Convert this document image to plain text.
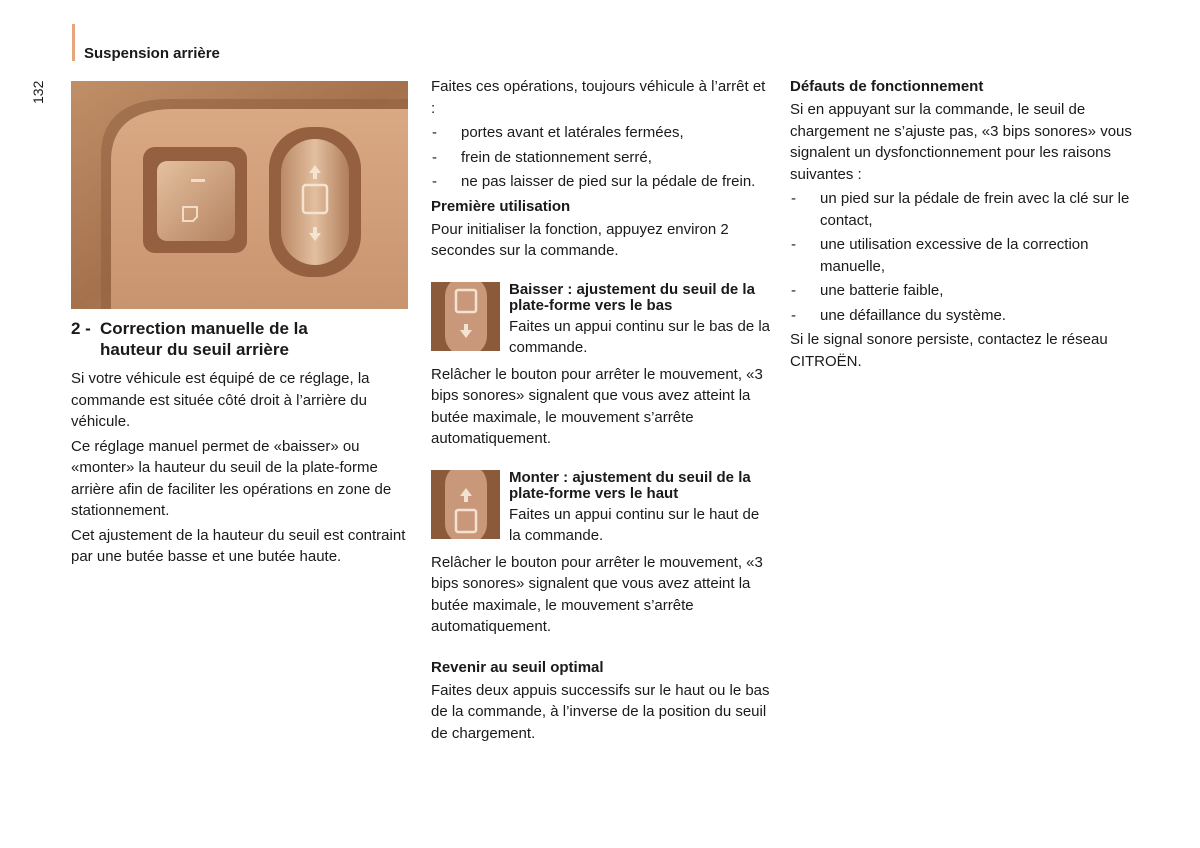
Suspension arrière
132
2 - Correction manuelle de la
hauteur du seuil arrière

Si votre véhicule est équipé de ce réglage, la commande est située côté droit à l’arrière du véhicule.

Ce réglage manuel permet de «baisser» ou «monter» la hauteur du seuil de la plate-forme arrière afin de faciliter les opérations en zone de stationnement.

Cet ajustement de la hauteur du seuil est contraint par une butée basse et une butée haute.

Faites ces opérations, toujours véhicule à l’arrêt et :

- portes avant et latérales fermées,
- frein de stationnement serré,
- ne pas laisser de pied sur la pédale de frein.

Première utilisation

Pour initialiser la fonction, appuyez environ 2 secondes sur la commande.

Baisser : ajustement du seuil de la plate-forme vers le bas

Faites un appui continu sur le bas de la commande.

Relâcher le bouton pour arrêter le mouvement, «3 bips sonores» signalent que vous avez atteint la butée maximale, le mouvement s’arrête automatiquement.

Monter : ajustement du seuil de la plate-forme vers le haut

Faites un appui continu sur le haut de la commande.

Relâcher le bouton pour arrêter le mouvement, «3 bips sonores» signalent que vous avez atteint la butée maximale, le mouvement s’arrête automatiquement.

Revenir au seuil optimal

Faites deux appuis successifs sur le haut ou le bas de la commande, à l’inverse de la position du seuil de chargement.

Défauts de fonctionnement

Si en appuyant sur la commande, le seuil de chargement ne s’ajuste pas, «3 bips sonores» vous signalent un dysfonctionnement pour les raisons suivantes :

- un pied sur la pédale de frein avec la clé sur le contact,
- une utilisation excessive de la correction manuelle,
- une batterie faible,
- une défaillance du système.

Si le signal sonore persiste, contactez le réseau CITROËN.
